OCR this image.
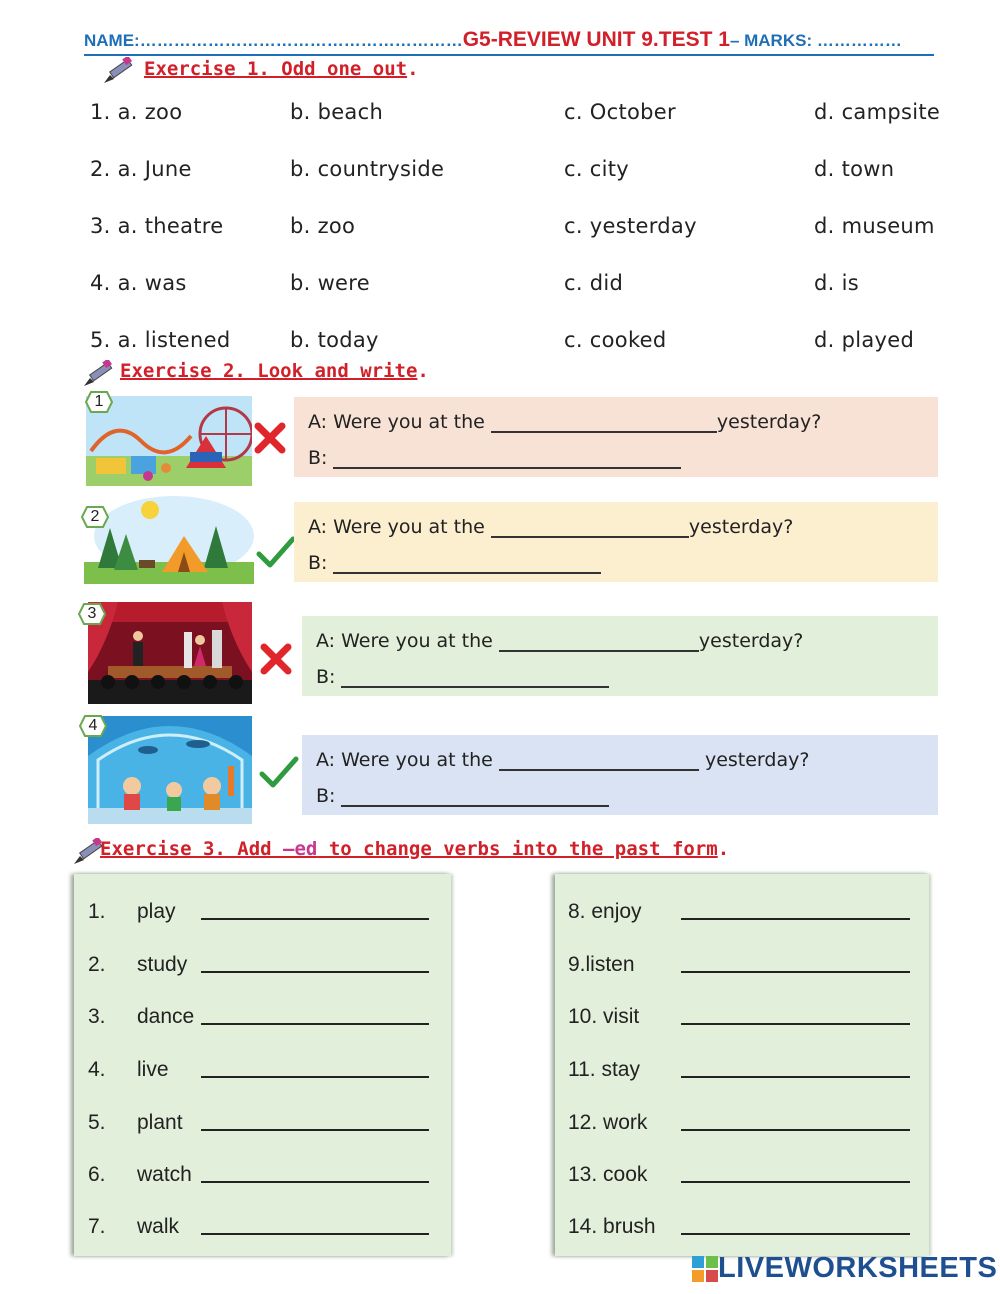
NAME: ………………………………………………… G5-REVIEW UNIT 9.TEST 1 – MARKS: ……………
Exercise 1. Odd one out.
1. a. zoo	b. beach	c. October	d. campsite
2. a. June	b. countryside	c. city	d. town
3. a. theatre	b. zoo	c. yesterday	d. museum
4. a. was	b. were	c. did	d. is
5. a. listened	b. today	c. cooked	d. played
Exercise 2. Look and write.
1
A: Were you at the	yesterday?
B:
2	A: Were you at the	yesterday?
B:
3
A: Were you at the	yesterday?
B:
4
A: Were you at the	yesterday?
B:
Exercise 3. Add –ed to change verbs into the past form.
1. play
2. study
3. dance
4. live
5. plant
6. watch
7. walk
8. enjoy
9.listen
10. visit
11. stay
12. work
13. cook
14. brush
LIVEWORKSHEETS
